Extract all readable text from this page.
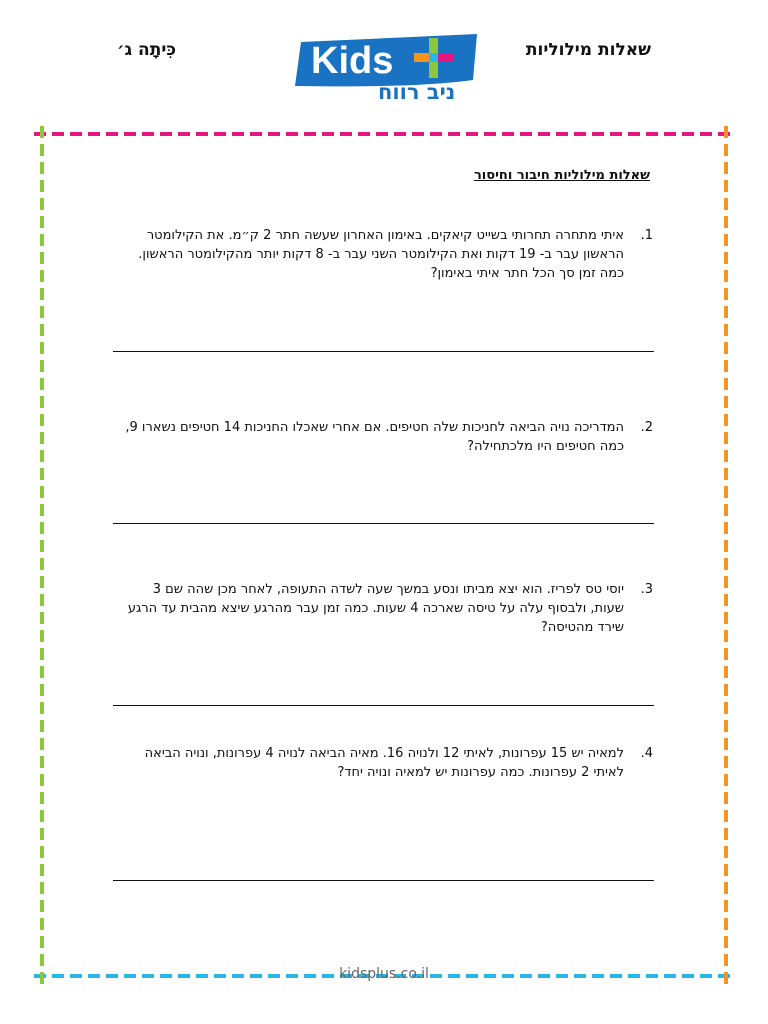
שאלות מילוליות
כִּיתָה ג׳	Kids
ניב רווח
שאלות מילוליות חיבור וחיסור
1.
איתי מתחרה תחרותי בשייט קיאקים. באימון האחרון שעשה חתר 2 ק״מ. את הקילומטר הראשון עבר ב- 19 דקות ואת הקילומטר השני עבר ב- 8 דקות יותר מהקילומטר הראשון. כמה זמן סך הכל חתר איתי באימון?
2.
המדריכה נויה הביאה לחניכות שלה חטיפים. אם אחרי שאכלו החניכות 14 חטיפים נשארו 9, כמה חטיפים היו מלכתחילה?
3.
יוסי טס לפריז. הוא יצא מביתו ונסע במשך שעה לשדה התעופה, לאחר מכן שהה שם 3 שעות, ולבסוף עלה על טיסה שארכה 4 שעות. כמה זמן עבר מהרגע שיצא מהבית עד הרגע שירד מהטיסה?
4.
למאיה יש 15 עפרונות, לאיתי 12 ולנויה 16. מאיה הביאה לנויה 4 עפרונות, ונויה הביאה לאיתי 2 עפרונות. כמה עפרונות יש למאיה ונויה יחד?
kidsplus.co.il
